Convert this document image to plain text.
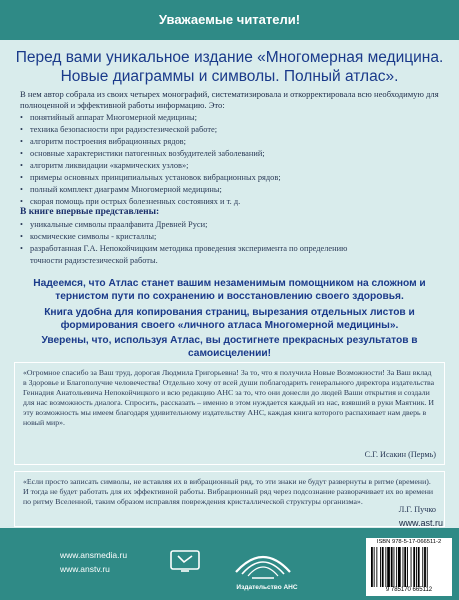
Уважаемые читатели!
Перед вами уникальное издание «Многомерная медицина. Новые диаграммы и символы. Полный атлас».
В нем автор собрала из своих четырех монографий, систематизировала и откорректировала всю необходимую для полноценной и эффективной работы информацию. Это:
• понятийный аппарат Многомерной медицины;
• техника безопасности при радиэстезической работе;
• алгоритм построения вибрационных рядов;
• основные характеристики патогенных возбудителей заболеваний;
• алгоритм ликвидации «кармических узлов»;
• примеры основных принципиальных установок вибрационных рядов;
• полный комплект диаграмм Многомерной медицины;
• скорая помощь при острых болезненных состояниях и т. д.
В книге впервые представлены:
• уникальные символы праалфавита Древней Руси;
• космические символы - кристаллы;
• разработанная Г.А. Непокойчицким методика проведения эксперимента по определению
точности радиэстезической работы.
Надеемся, что Атлас станет вашим незаменимым помощником на сложном и тернистом пути по сохранению и восстановлению своего здоровья.
Книга удобна для копирования страниц, вырезания отдельных листов и формирования своего «личного атласа Многомерной медицины».
Уверены, что, используя Атлас, вы достигнете прекрасных результатов в самоисцелении!
«Огромное спасибо за Ваш труд, дорогая Людмила Григорьевна! За то, что я получила Новые Возможности! За Ваш вклад в Здоровье и Благополучие человечества! Отдельно хочу от всей души поблагодарить генерального директора издательства Геннадия Анатольевича Непокойчицкого и всю редакцию АНС за то, что они донесли до людей Ваши открытия и создали для нас возможность диалога. Спросить, рассказать – именно в этом нуждается каждый из нас, взявший в руки Маятник. И эту возможность мы имеем благодаря удивительному издательству АНС, каждая книга которого распахивает нам дверь в новый мир».
С.Г. Исакин (Пермь)
«Если просто записать символы, не вставляя их в вибрационный ряд, то эти знаки не будут развернуты в ритме (времени). И тогда не будет работать для их эффективной работы. Вибрационный ряд через подсознание разворачивает их во времени по ритму Вселенной, таким образом исправляя повреждения кристаллической структуры организма».
Л.Г. Пучко
www.ast.ru
www.ansmedia.ru
www.anstv.ru
Издательство АНС
ISBN 978-5-17-066511-2
9 785170 665112
